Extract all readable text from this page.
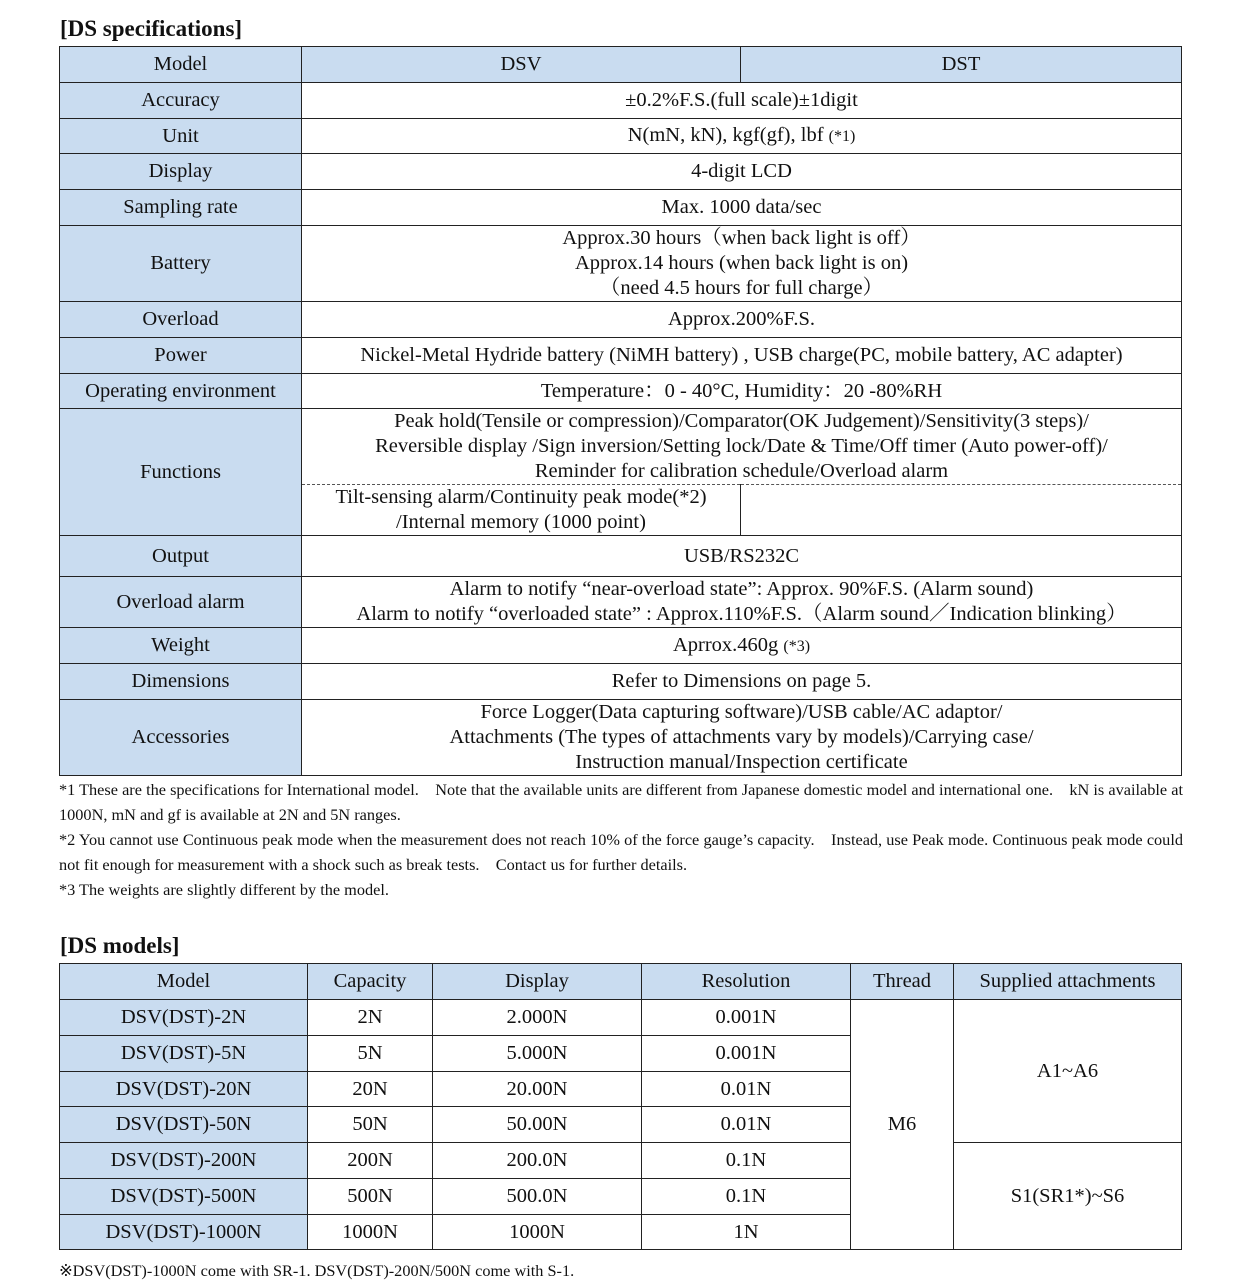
[DS specifications]
Model	DSV	DST
Accuracy	±0.2%F.S.(full scale)±1digit	
Unit	N(mN, kN), kgf(gf), lbf (*1)	
Display	4-digit LCD	
Sampling rate	Max. 1000 data/sec	
Battery	Approx.30 hours（when back light is off）
Approx.14 hours (when back light is on)
（need 4.5 hours for full charge）	

Overload	Approx.200%F.S.	
Power	Nickel-Metal Hydride battery (NiMH battery) , USB charge(PC, mobile battery, AC adapter)	
Operating environment	Temperature：0 - 40°C, Humidity：20 -80%RH	
Functions	Peak hold(Tensile or compression)/Comparator(OK Judgement)/Sensitivity(3 steps)/
Reversible display /Sign inversion/Setting lock/Date & Time/Off timer (Auto power-off)/
Reminder for calibration schedule/Overload alarm	

	Tilt-sensing alarm/Continuity peak mode(*2)
/Internal memory (1000 point)	

Output	USB/RS232C	
Overload alarm	Alarm to notify “near-overload state”: Approx. 90%F.S. (Alarm sound)
Alarm to notify “overloaded state” : Approx.110%F.S.（Alarm sound／Indication blinking）	

Weight	Aprrox.460g (*3)	
Dimensions	Refer to Dimensions on page 5.	
Accessories	Force Logger(Data capturing software)/USB cable/AC adaptor/
Attachments (The types of attachments vary by models)/Carrying case/
Instruction manual/Inspection certificate	

*1 These are the specifications for International model.　Note that the available units are different from Japanese domestic model and international one.　kN is available at 1000N, mN and gf is available at 2N and 5N ranges.

*2 You cannot use Continuous peak mode when the measurement does not reach 10% of the force gauge’s capacity.　Instead, use Peak mode. Continuous peak mode could not fit enough for measurement with a shock such as break tests.　Contact us for further details.

*3 The weights are slightly different by the model.

[DS models]
Model	Capacity	Display	Resolution	Thread	Supplied attachments
DSV(DST)-2N	2N	2.000N	0.001N	M6	A1~A6
DSV(DST)-5N	5N	5.000N	0.001N		
DSV(DST)-20N	20N	20.00N	0.01N		
DSV(DST)-50N	50N	50.00N	0.01N		
DSV(DST)-200N	200N	200.0N	0.1N		S1(SR1*)~S6
DSV(DST)-500N	500N	500.0N	0.1N		
DSV(DST)-1000N	1000N	1000N	1N		
※DSV(DST)-1000N come with SR-1. DSV(DST)-200N/500N come with S-1.
